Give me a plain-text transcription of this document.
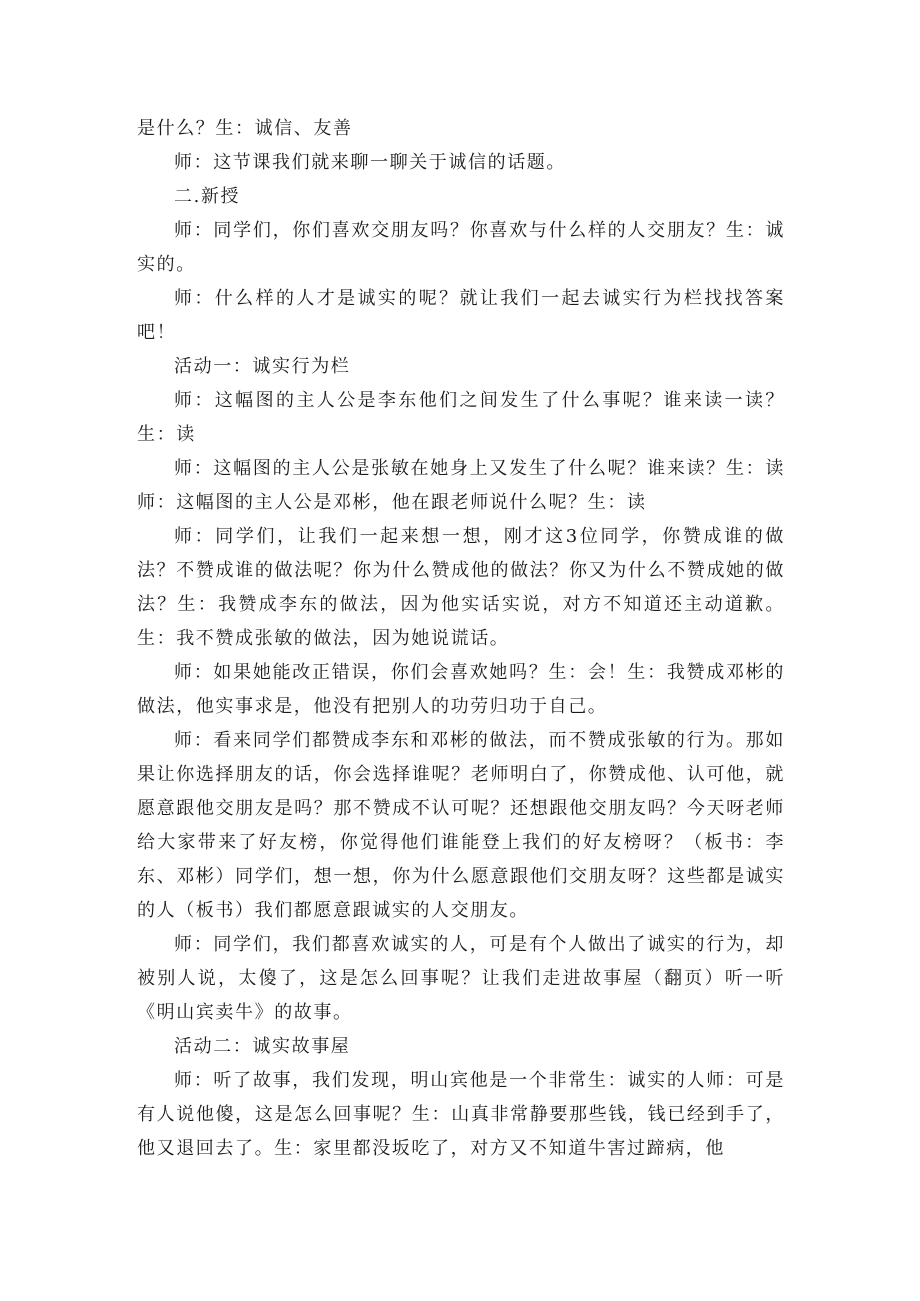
是什么？生：诚信、友善

师：这节课我们就来聊一聊关于诚信的话题。

二.新授

师：同学们，你们喜欢交朋友吗？你喜欢与什么样的人交朋友？生：诚实的。

师：什么样的人才是诚实的呢？就让我们一起去诚实行为栏找找答案吧！

活动一：诚实行为栏

师：这幅图的主人公是李东他们之间发生了什么事呢？谁来读一读？生：读

师：这幅图的主人公是张敏在她身上又发生了什么呢？谁来读？生：读师：这幅图的主人公是邓彬，他在跟老师说什么呢？生：读

师：同学们，让我们一起来想一想，刚才这3位同学，你赞成谁的做法？不赞成谁的做法呢？你为什么赞成他的做法？你又为什么不赞成她的做法？生：我赞成李东的做法，因为他实话实说，对方不知道还主动道歉。生：我不赞成张敏的做法，因为她说谎话。

师：如果她能改正错误，你们会喜欢她吗？生：会！生：我赞成邓彬的做法，他实事求是，他没有把别人的功劳归功于自己。

师：看来同学们都赞成李东和邓彬的做法，而不赞成张敏的行为。那如果让你选择朋友的话，你会选择谁呢？老师明白了，你赞成他、认可他，就愿意跟他交朋友是吗？那不赞成不认可呢？还想跟他交朋友吗？今天呀老师给大家带来了好友榜，你觉得他们谁能登上我们的好友榜呀？（板书：李东、邓彬）同学们，想一想，你为什么愿意跟他们交朋友呀？这些都是诚实的人（板书）我们都愿意跟诚实的人交朋友。

师：同学们，我们都喜欢诚实的人，可是有个人做出了诚实的行为，却被别人说，太傻了，这是怎么回事呢？让我们走进故事屋（翻页）听一听《明山宾卖牛》的故事。

活动二：诚实故事屋

师：听了故事，我们发现，明山宾他是一个非常生：诚实的人师：可是有人说他傻，这是怎么回事呢？生：山真非常静要那些钱，钱已经到手了，他又退回去了。生：家里都没坂吃了，对方又不知道牛害过蹄病，他
